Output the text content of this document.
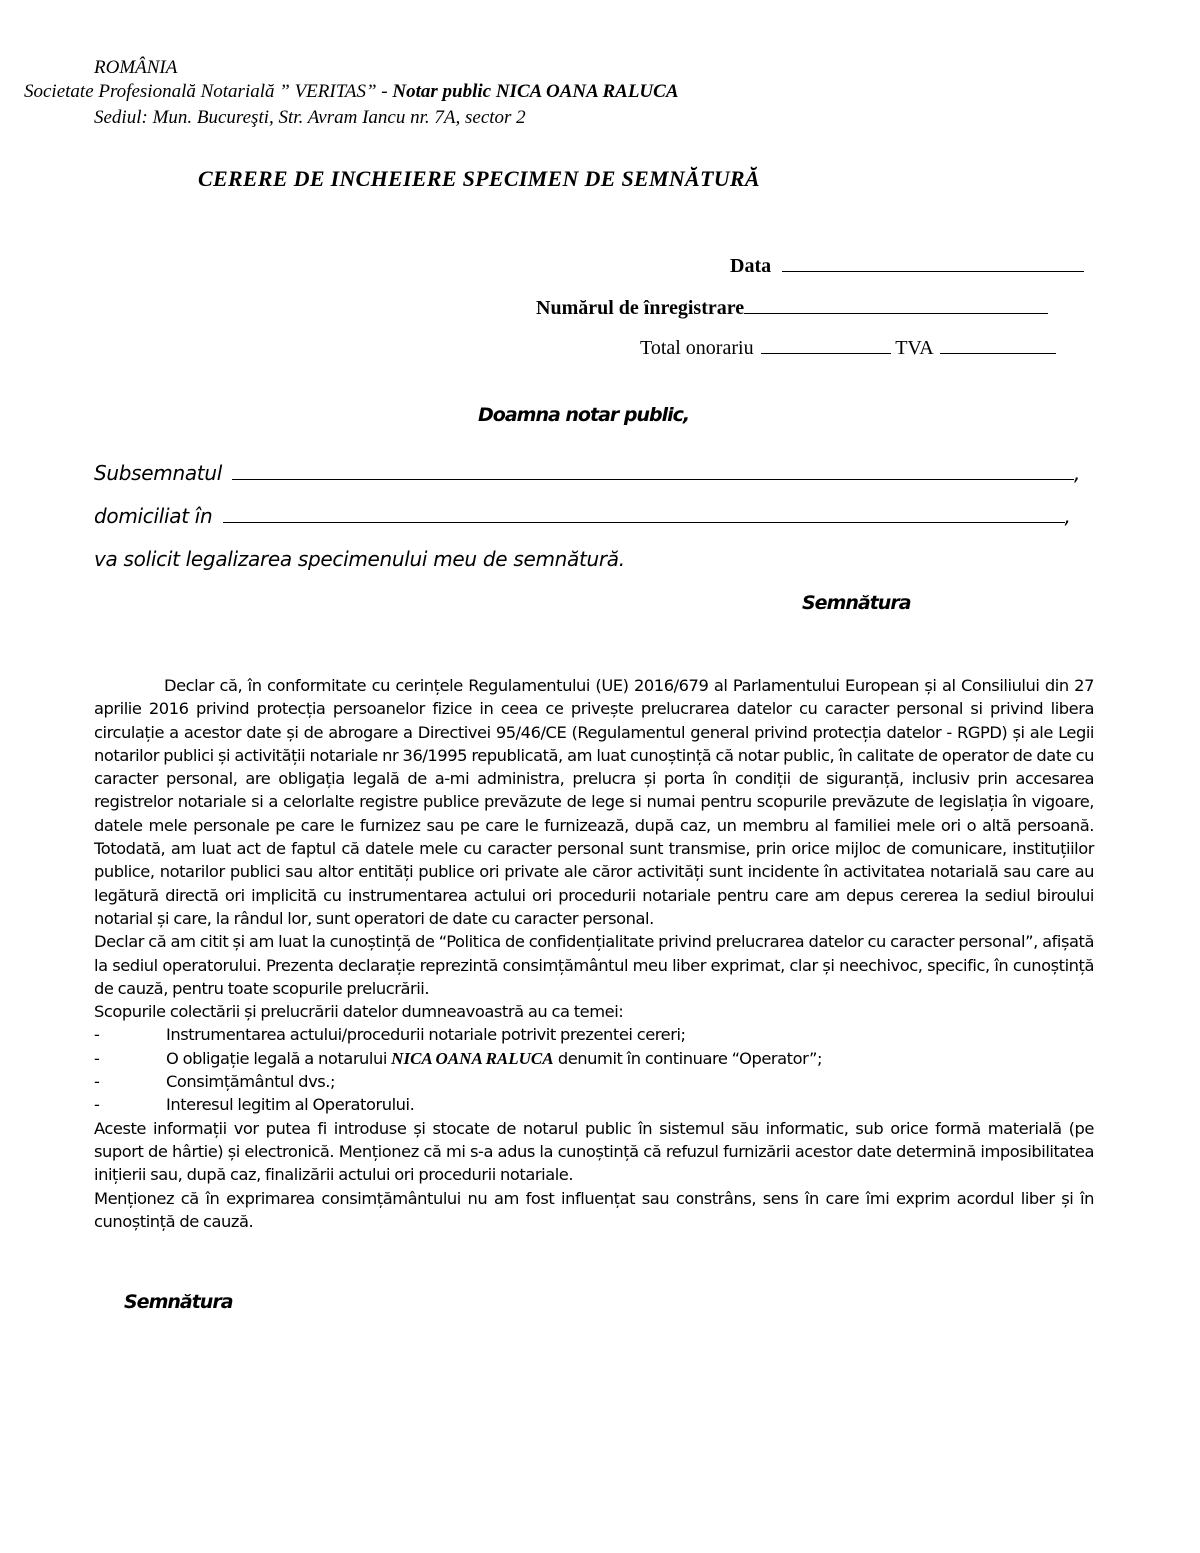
ROMÂNIA
Societate Profesională Notarială ” VERITAS” - Notar public NICA OANA RALUCA
Sediul: Mun. Bucureşti, Str. Avram Iancu nr. 7A, sector 2
CERERE DE INCHEIERE SPECIMEN DE SEMNĂTURĂ
Data
Numărul de înregistrare
Total onorariu	TVA
Doamna notar public,
Subsemnatul	,
domiciliat în	,
va solicit legalizarea specimenului meu de semnătură.
Semnătura

Declar că, în conformitate cu cerințele Regulamentului (UE) 2016/679 al Parlamentului European și al Consiliului din 27 aprilie 2016 privind protecția persoanelor fizice in ceea ce privește prelucrarea datelor cu caracter personal si privind libera circulație a acestor date și de abrogare a Directivei 95/46/CE (Regulamentul general privind protecția datelor - RGPD) și ale Legii notarilor publici și activității notariale nr 36/1995 republicată, am luat cunoștință că notar public, în calitate de operator de date cu caracter personal, are obligația legală de a-mi administra, prelucra și porta în condiții de siguranță, inclusiv prin accesarea registrelor notariale si a celorlalte registre publice prevăzute de lege si numai pentru scopurile prevăzute de legislația în vigoare, datele mele personale pe care le furnizez sau pe care le furnizează, după caz, un membru al familiei mele ori o altă persoană. Totodată, am luat act de faptul că datele mele cu caracter personal sunt transmise, prin orice mijloc de comunicare, instituțiilor publice, notarilor publici sau altor entități publice ori private ale căror activități sunt incidente în activitatea notarială sau care au legătură directă ori implicită cu instrumentarea actului ori procedurii notariale pentru care am depus cererea la sediul biroului notarial și care, la rândul lor, sunt operatori de date cu caracter personal.

Declar că am citit și am luat la cunoștință de “Politica de confidențialitate privind prelucrarea datelor cu caracter personal”, afișată la sediul operatorului. Prezenta declarație reprezintă consimțământul meu liber exprimat, clar și neechivoc, specific, în cunoștință de cauză, pentru toate scopurile prelucrării.

Scopurile colectării și prelucrării datelor dumneavoastră au ca temei:

-	Instrumentarea actului/procedurii notariale potrivit prezentei cereri;

-	O obligație legală a notarului NICA OANA RALUCA denumit în continuare “Operator”;

-	Consimțământul dvs.;

-	Interesul legitim al Operatorului.

Aceste informații vor putea fi introduse și stocate de notarul public în sistemul său informatic, sub orice formă materială (pe suport de hârtie) și electronică. Menționez că mi s-a adus la cunoștință că refuzul furnizării acestor date determină imposibilitatea inițierii sau, după caz, finalizării actului ori procedurii notariale.

Menționez că în exprimarea consimțământului nu am fost influențat sau constrâns, sens în care îmi exprim acordul liber și în cunoștință de cauză.

Semnătura
